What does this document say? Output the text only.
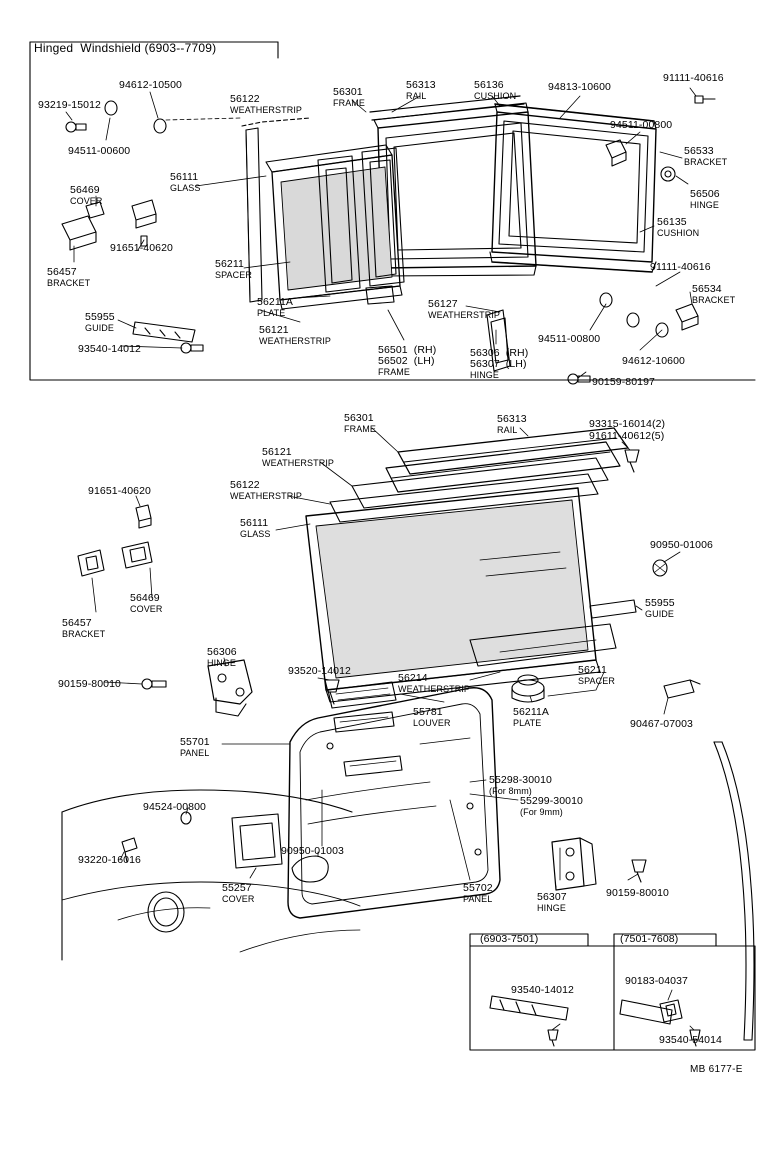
Hinged  Windshield (6903--7709)
MB 6177-E
(6903-7501)	(7501-7608)
93219-15012
94612-10500
94511-00600
56122
WEATHERSTRIP
56301
FRAME
56313
RAIL
56136
CUSHION
94813-10600
91111-40616
94511-00800
56533
BRACKET
56506
HINGE
56135
CUSHION
56111
GLASS
56469
COVER
91651-40620
56457
BRACKET
56211
SPACER
56211A
PLATE
56121
WEATHERSTRIP
55955
GUIDE
93540-14012	56501  (RH)
56502  (LH)
FRAME
56127
WEATHERSTRIP
56306  (RH)
56307  (LH)
HINGE
90159-80197
94612-10600
94511-00800
91111-40616
56534
BRACKET
56301
FRAME
56313
RAIL	93315-16014(2)
91611-40612(5)
56121
WEATHERSTRIP
56122
WEATHERSTRIP
91651-40620
56111
GLASS
56469
COVER
56457
BRACKET
90950-01006
55955
GUIDE
56306
HINGE
93520-14012
90159-80010	56214
WEATHERSTRIP
56211
SPACER
56211A
PLATE
55781
LOUVER	90467-07003
55298-30010
(For 8mm)
55299-30010
(For 9mm)
55701
PANEL
94524-00800
93220-16016
55257
COVER
90950-01003
55702
PANEL	56307
HINGE
90159-80010
93540-14012
90183-04037
93540-54014
